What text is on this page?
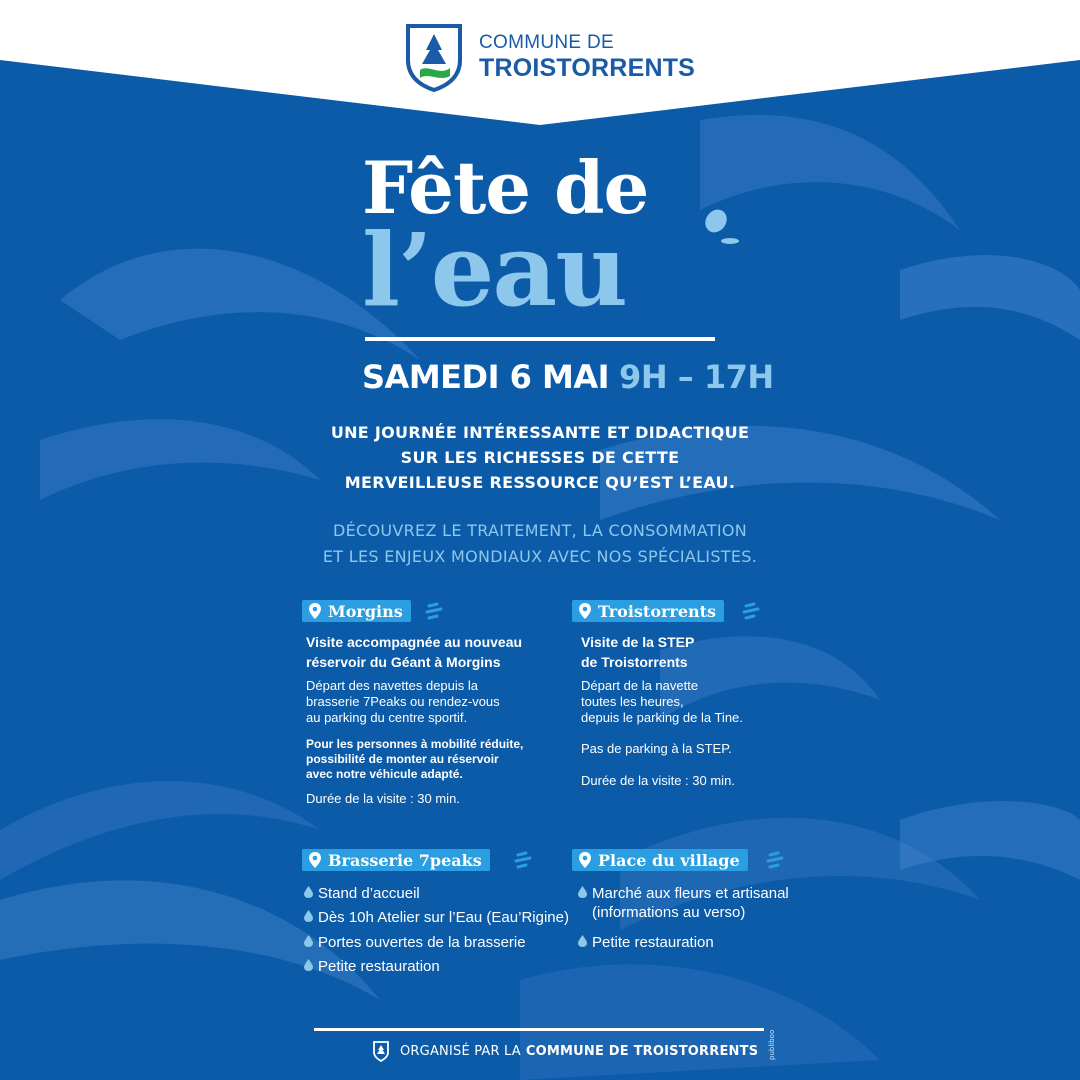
COMMUNE DE
TROISTORRENTS
Fête de
l’eau
SAMEDI 6 MAI 9H – 17H
UNE JOURNÉE INTÉRESSANTE ET DIDACTIQUE
SUR LES RICHESSES DE CETTE
MERVEILLEUSE RESSOURCE QU’EST L’EAU.
DÉCOUVREZ LE TRAITEMENT, LA CONSOMMATION
ET LES ENJEUX MONDIAUX AVEC NOS SPÉCIALISTES.
Morgins
Visite accompagnée au nouveau
réservoir du Géant à Morgins
Départ des navettes depuis la
brasserie 7Peaks ou rendez-vous
au parking du centre sportif.
Pour les personnes à mobilité réduite,
possibilité de monter au réservoir
avec notre véhicule adapté.
Durée de la visite : 30 min.
Troistorrents
Visite de la STEP
de Troistorrents
Départ de la navette
toutes les heures,
depuis le parking de la Tine.
Pas de parking à la STEP.
Durée de la visite : 30 min.
Brasserie 7peaks
Stand d’accueil
Dès 10h Atelier sur l’Eau (Eau’Rigine)
Portes ouvertes de la brasserie
Petite restauration
Place du village
Marché aux fleurs et artisanal
(informations au verso)
Petite restauration
publiboo
ORGANISÉ PAR LA COMMUNE DE TROISTORRENTS
